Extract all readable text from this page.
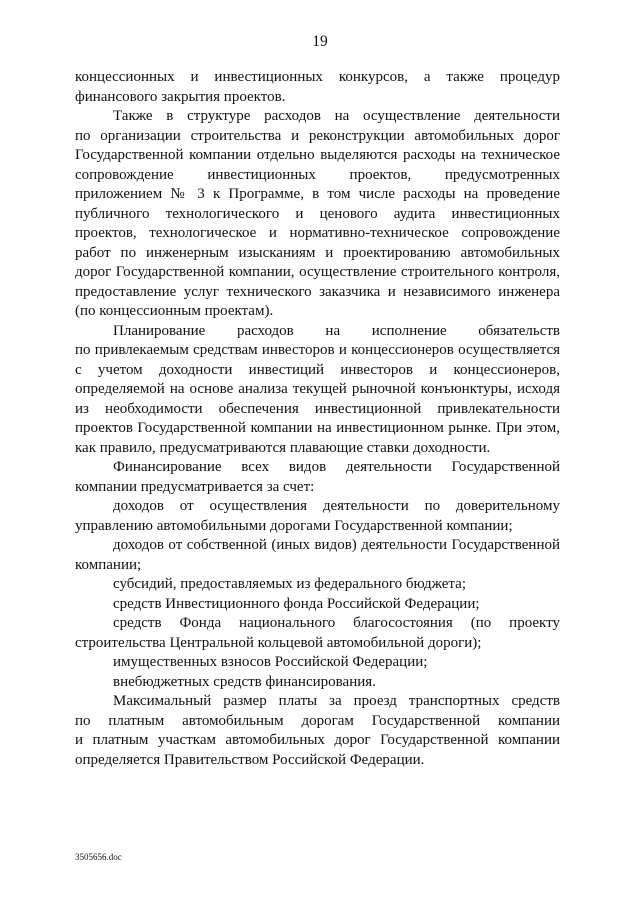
19
концессионных и инвестиционных конкурсов, а также процедур
финансового закрытия проектов.
Также в структуре расходов на осуществление деятельности
по организации строительства и реконструкции автомобильных дорог
Государственной компании отдельно выделяются расходы на техническое
сопровождение инвестиционных проектов, предусмотренных
приложением № 3 к Программе, в том числе расходы на проведение
публичного технологического и ценового аудита инвестиционных
проектов, технологическое и нормативно-техническое сопровождение
работ по инженерным изысканиям и проектированию автомобильных
дорог Государственной компании, осуществление строительного контроля,
предоставление услуг технического заказчика и независимого инженера
(по концессионным проектам).
Планирование расходов на исполнение обязательств
по привлекаемым средствам инвесторов и концессионеров осуществляется
с учетом доходности инвестиций инвесторов и концессионеров,
определяемой на основе анализа текущей рыночной конъюнктуры, исходя
из необходимости обеспечения инвестиционной привлекательности
проектов Государственной компании на инвестиционном рынке. При этом,
как правило, предусматриваются плавающие ставки доходности.
Финансирование всех видов деятельности Государственной
компании предусматривается за счет:
доходов от осуществления деятельности по доверительному
управлению автомобильными дорогами Государственной компании;
доходов от собственной (иных видов) деятельности Государственной
компании;
субсидий, предоставляемых из федерального бюджета;
средств Инвестиционного фонда Российской Федерации;
средств Фонда национального благосостояния (по проекту
строительства Центральной кольцевой автомобильной дороги);
имущественных взносов Российской Федерации;
внебюджетных средств финансирования.
Максимальный размер платы за проезд транспортных средств
по платным автомобильным дорогам Государственной компании
и платным участкам автомобильных дорог Государственной компании
определяется Правительством Российской Федерации.
3505656.doc
